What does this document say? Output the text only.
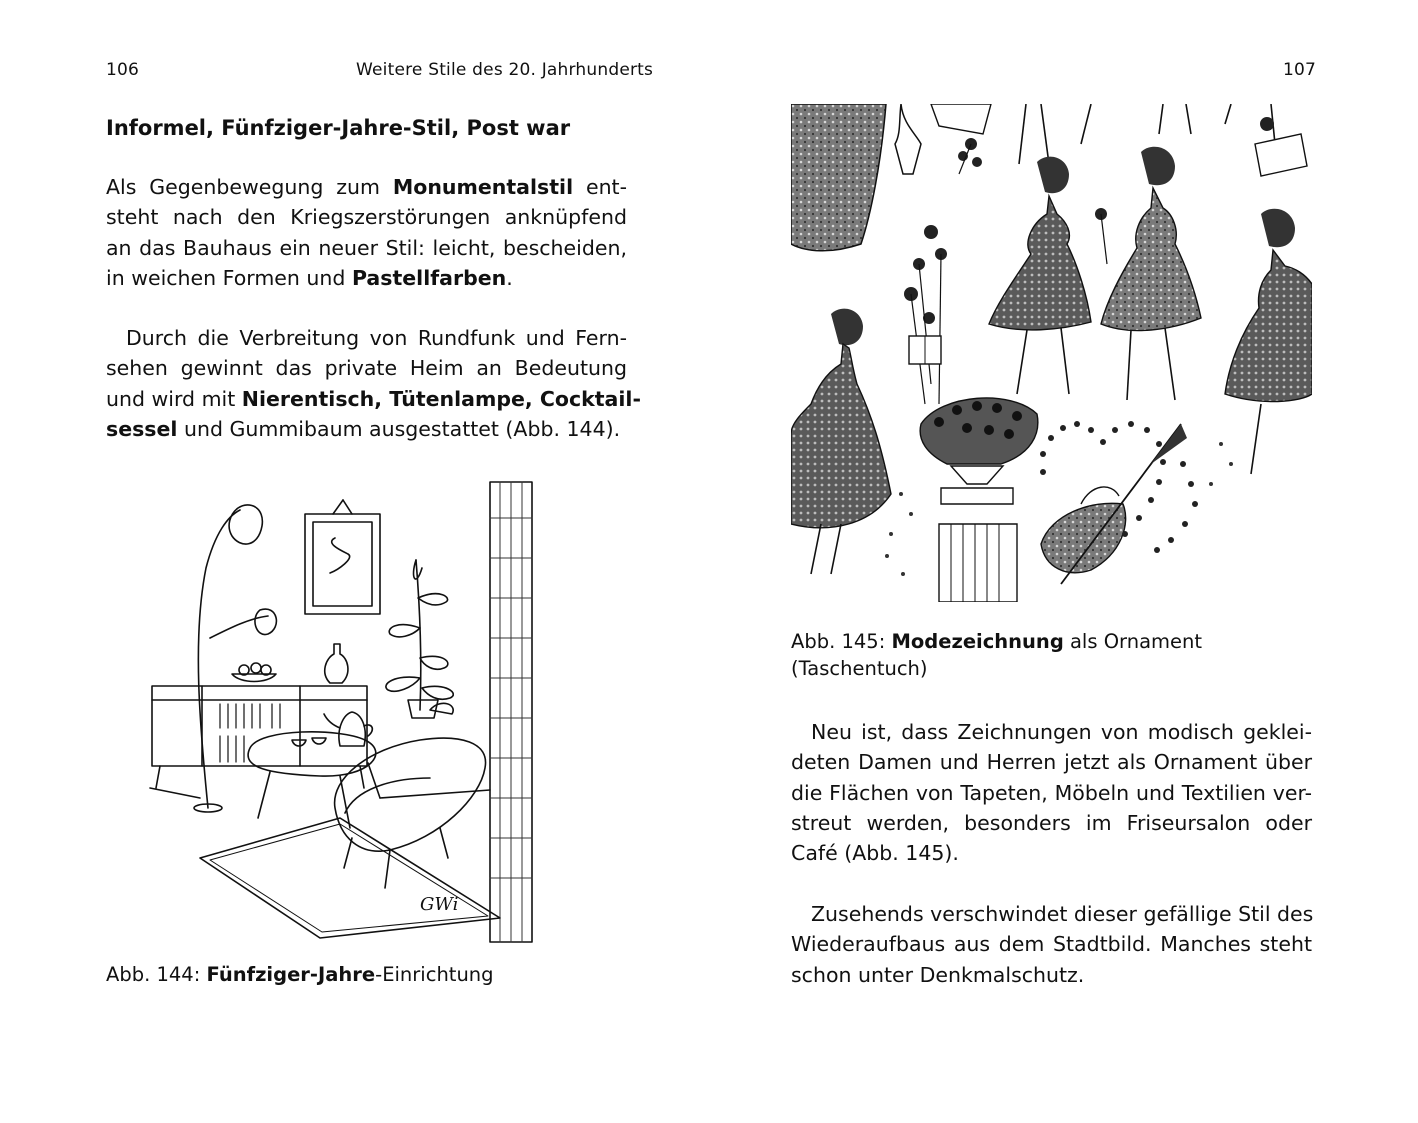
106	Weitere Stile des 20. Jahrhunderts
Informel, Fünfziger-Jahre-Stil, Post war
Als Gegenbewegung zum Monumentalstil ent-
steht nach den Kriegszerstörungen anknüpfend
an das Bauhaus ein neuer Stil: leicht, bescheiden,
in weichen Formen und Pastellfarben.
Durch die Verbreitung von Rundfunk und Fern-
sehen gewinnt das private Heim an Bedeutung
und wird mit Nierentisch, Tütenlampe, Cocktail-
sessel und Gummibaum ausgestattet (Abb. 144).
GWi
Abb. 144: Fünfziger-Jahre-Einrichtung
107
Abb. 145: Modezeichnung als Ornament
(Taschentuch)
Neu ist, dass Zeichnungen von modisch geklei-
deten Damen und Herren jetzt als Ornament über
die Flächen von Tapeten, Möbeln und Textilien ver-
streut werden, besonders im Friseursalon oder
Café (Abb. 145).
Zusehends verschwindet dieser gefällige Stil des
Wiederaufbaus aus dem Stadtbild. Manches steht
schon unter Denkmalschutz.
